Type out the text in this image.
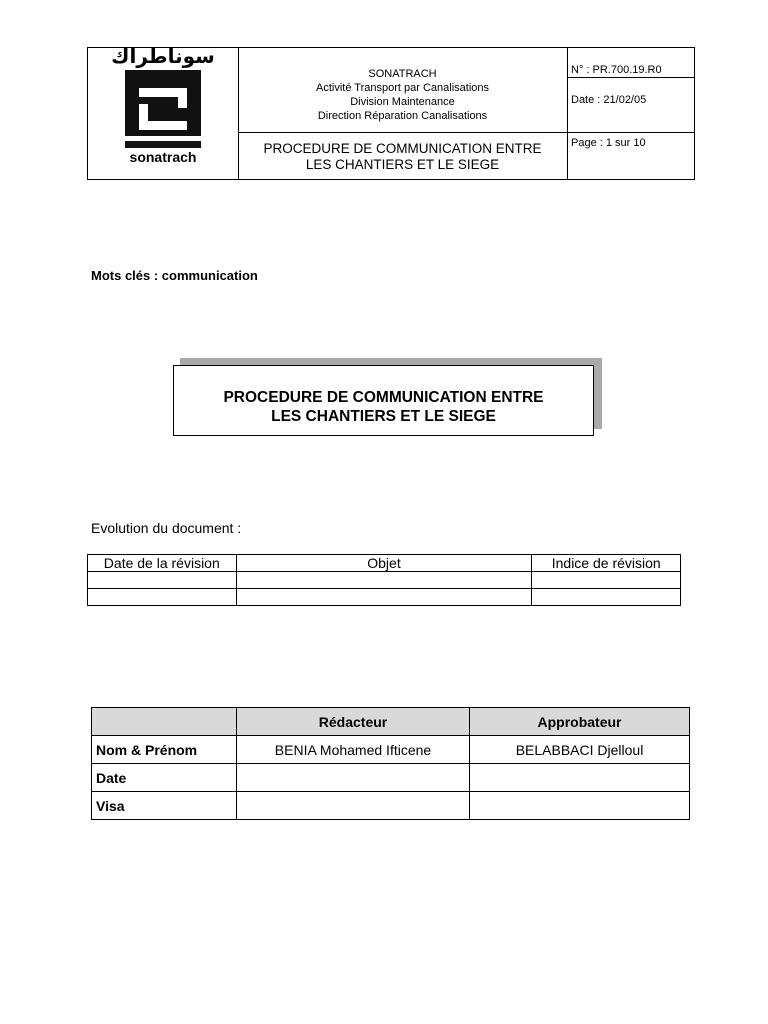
سوناطراك
sonatrach
SONATRACH
Activité Transport par Canalisations
Division Maintenance
Direction Réparation Canalisations
PROCEDURE DE COMMUNICATION ENTRE
LES CHANTIERS ET LE SIEGE
N° : PR.700.19.R0
Date : 21/02/05
Page : 1 sur 10
Mots clés : communication
PROCEDURE DE COMMUNICATION ENTRE
LES CHANTIERS ET LE SIEGE
Evolution du document :
Date de la révision	Objet	Indice de révision

	Rédacteur	Approbateur
Nom & Prénom	BENIA Mohamed Ifticene	BELABBACI Djelloul
Date		
Visa		
